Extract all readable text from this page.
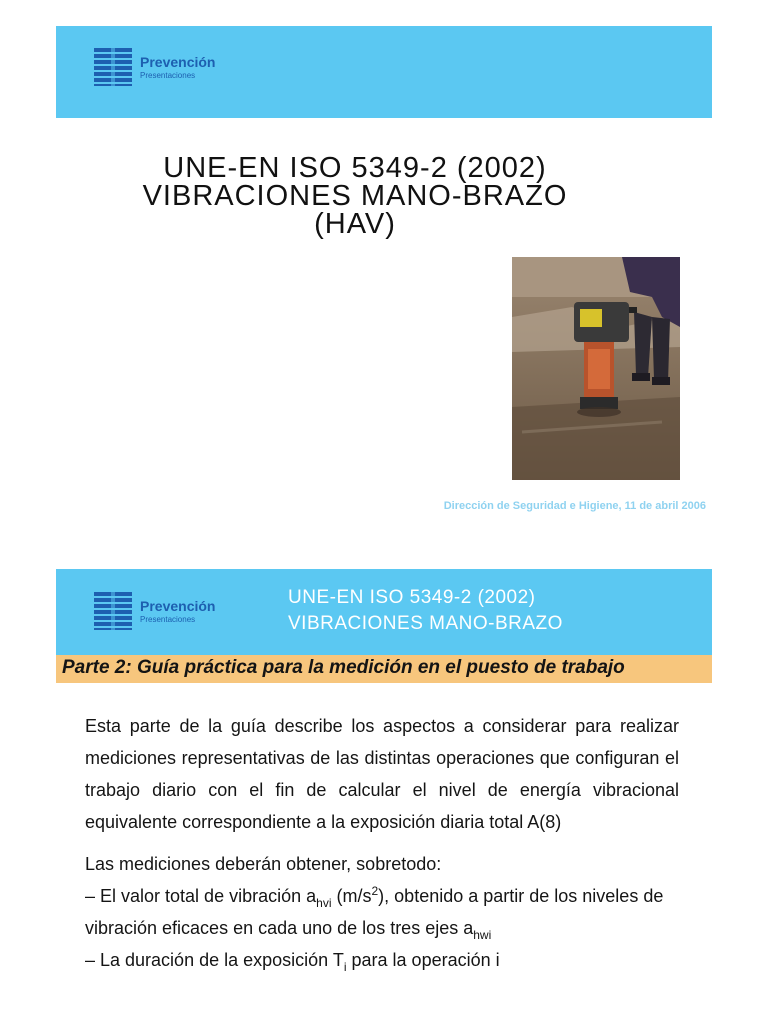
Prevención
Presentaciones
UNE-EN ISO 5349-2 (2002)
VIBRACIONES MANO-BRAZO
(HAV)
Dirección de Seguridad e Higiene, 11 de abril 2006
Prevención
Presentaciones
UNE-EN ISO 5349-2 (2002)
VIBRACIONES MANO-BRAZO
Parte 2: Guía práctica para la medición en el puesto de trabajo

Esta parte de la guía describe los aspectos a considerar para realizar mediciones representativas de las distintas operaciones que configuran el trabajo diario con el fin de calcular el nivel de energía vibracional equivalente correspondiente a la exposición diaria total A(8)

Las mediciones deberán obtener, sobretodo:

– El valor total de vibración $a_{hvi}$ $(m/s^2)$, obtenido a partir de los niveles de vibración eficaces en cada uno de los tres ejes $a_{hwi}$

– La duración de la exposición $T_i$ para la operación i
